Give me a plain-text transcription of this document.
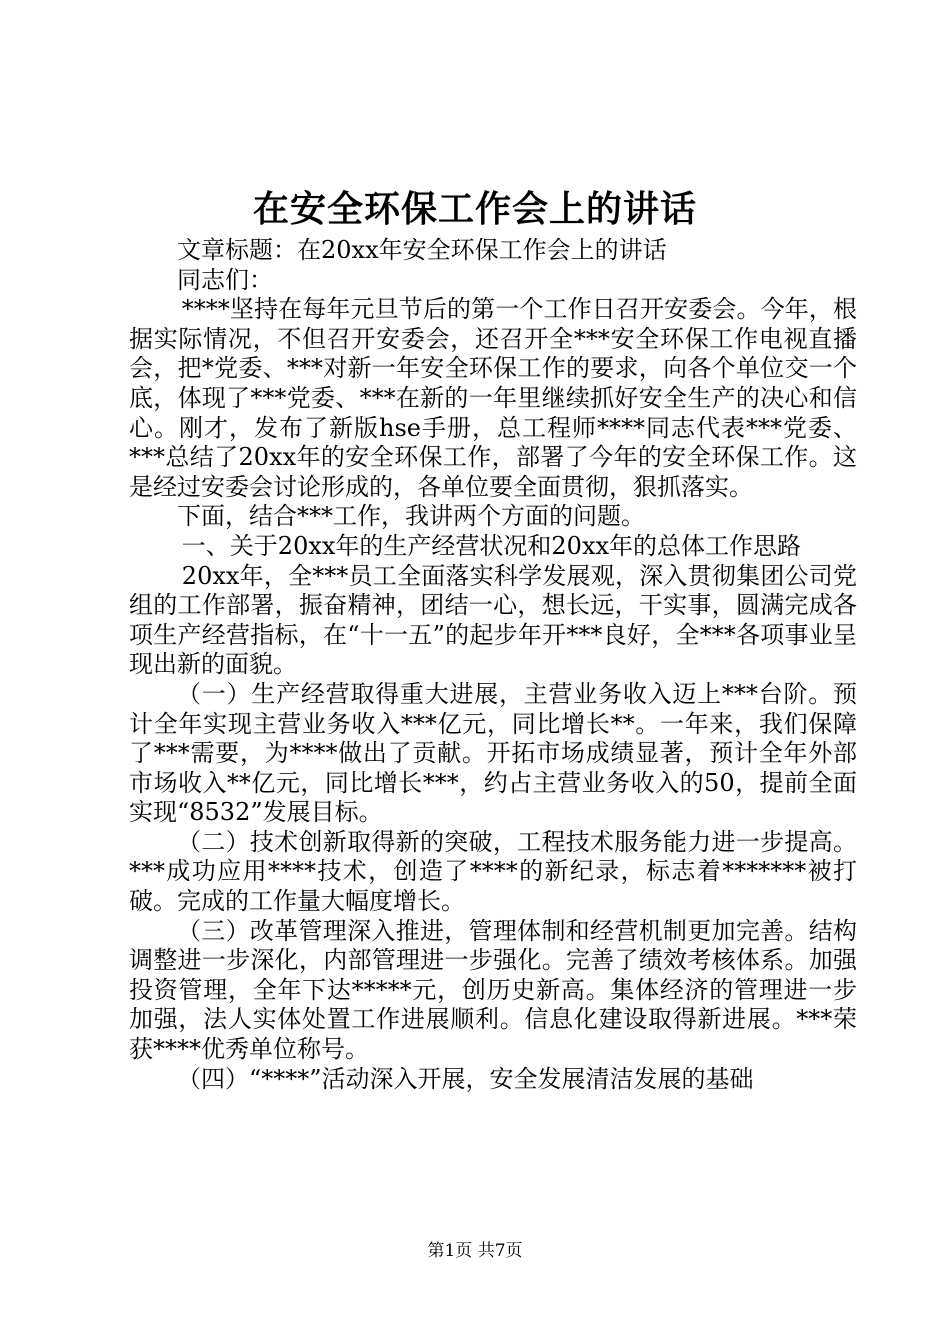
在安全环保工作会上的讲话

文章标题：在20xx年安全环保工作会上的讲话

同志们：

****坚持在每年元旦节后的第一个工作日召开安委会。今年，根据实际情况，不但召开安委会，还召开全***安全环保工作电视直播会，把*党委、***对新一年安全环保工作的要求，向各个单位交一个底，体现了***党委、***在新的一年里继续抓好安全生产的决心和信心。刚才，发布了新版hse手册，总工程师****同志代表***党委、***总结了20xx年的安全环保工作，部署了今年的安全环保工作。这是经过安委会讨论形成的，各单位要全面贯彻，狠抓落实。

下面，结合***工作，我讲两个方面的问题。

一、关于20xx年的生产经营状况和20xx年的总体工作思路

20xx年，全***员工全面落实科学发展观，深入贯彻集团公司党组的工作部署，振奋精神，团结一心，想长远，干实事，圆满完成各项生产经营指标，在“十一五”的起步年开***良好，全***各项事业呈现出新的面貌。

（一）生产经营取得重大进展，主营业务收入迈上***台阶。预计全年实现主营业务收入***亿元，同比增长**。一年来，我们保障了***需要，为****做出了贡献。开拓市场成绩显著，预计全年外部市场收入**亿元，同比增长***，约占主营业务收入的50，提前全面实现“8532”发展目标。

（二）技术创新取得新的突破，工程技术服务能力进一步提高。***成功应用****技术，创造了****的新纪录，标志着*******被打破。完成的工作量大幅度增长。

（三）改革管理深入推进，管理体制和经营机制更加完善。结构调整进一步深化，内部管理进一步强化。完善了绩效考核体系。加强投资管理，全年下达*****元，创历史新高。集体经济的管理进一步加强，法人实体处置工作进展顺利。信息化建设取得新进展。***荣获****优秀单位称号。

（四）“****”活动深入开展，安全发展清洁发展的基础

第1页 共7页
